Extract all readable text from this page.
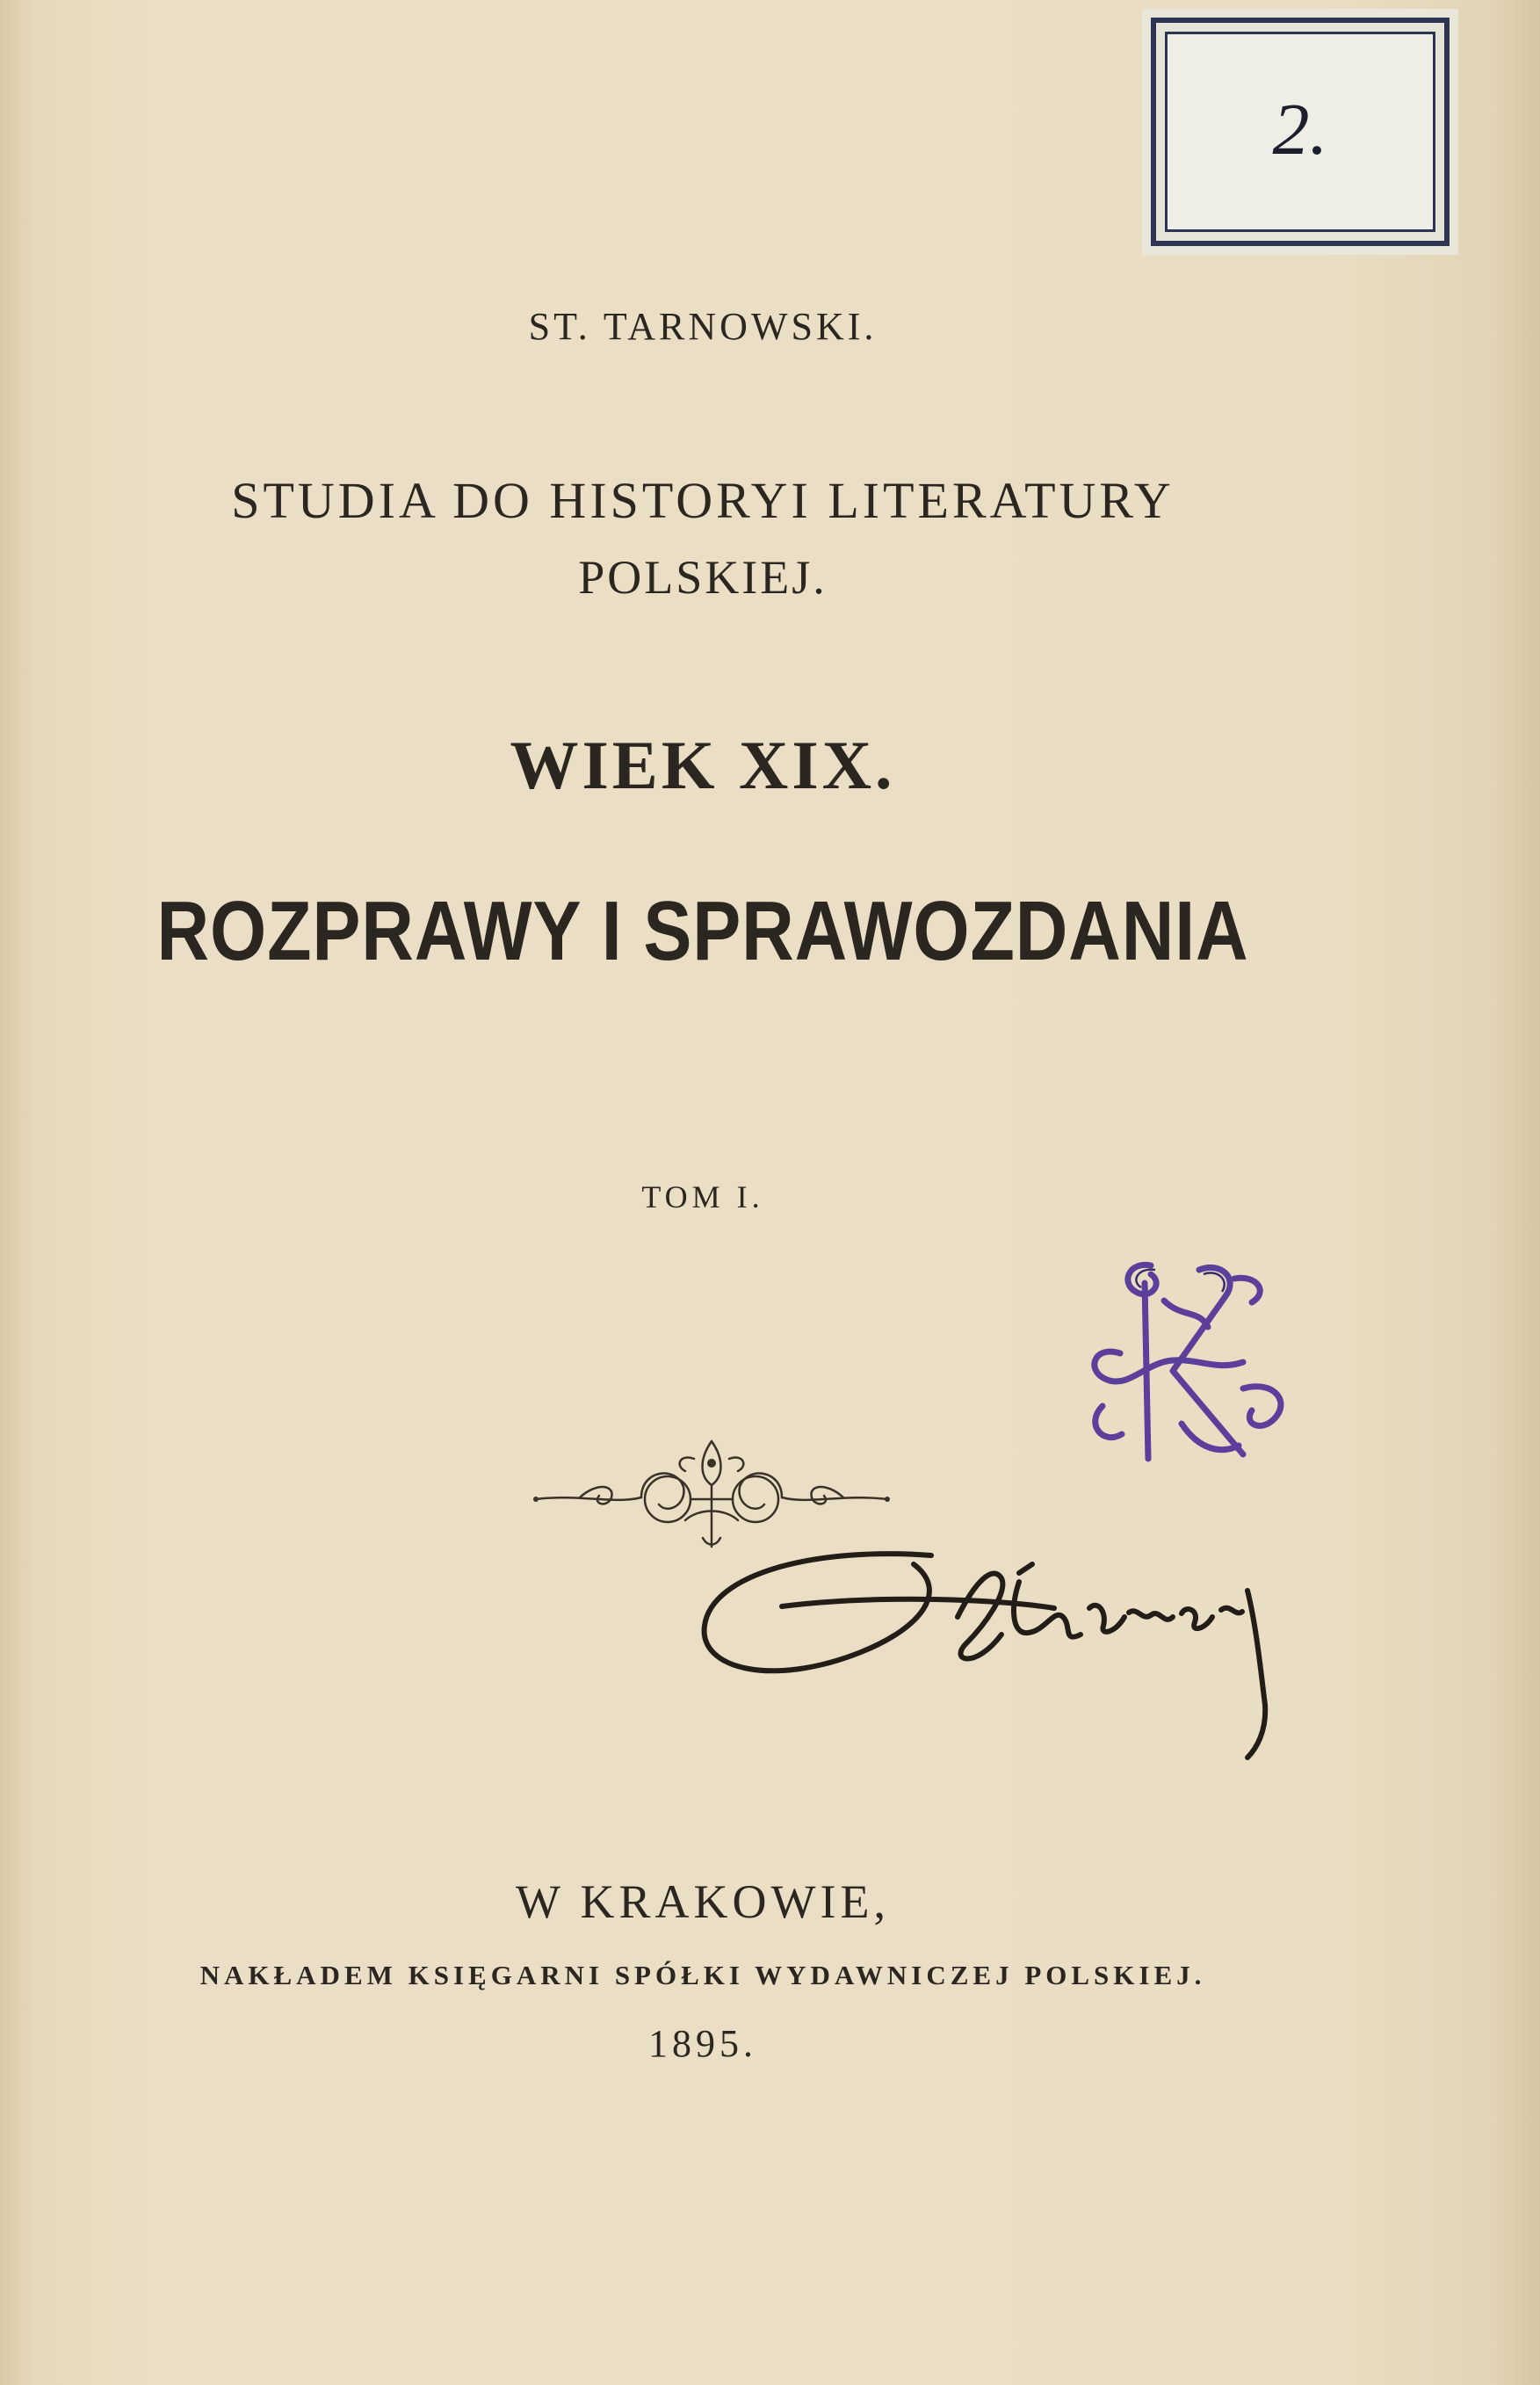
2.
ST. TARNOWSKI.
STUDIA DO HISTORYI LITERATURY
POLSKIEJ.
WIEK XIX.
ROZPRAWY I SPRAWOZDANIA
TOM I.
W KRAKOWIE,
NAKŁADEM KSIĘGARNI SPÓŁKI WYDAWNICZEJ POLSKIEJ.
1895.
